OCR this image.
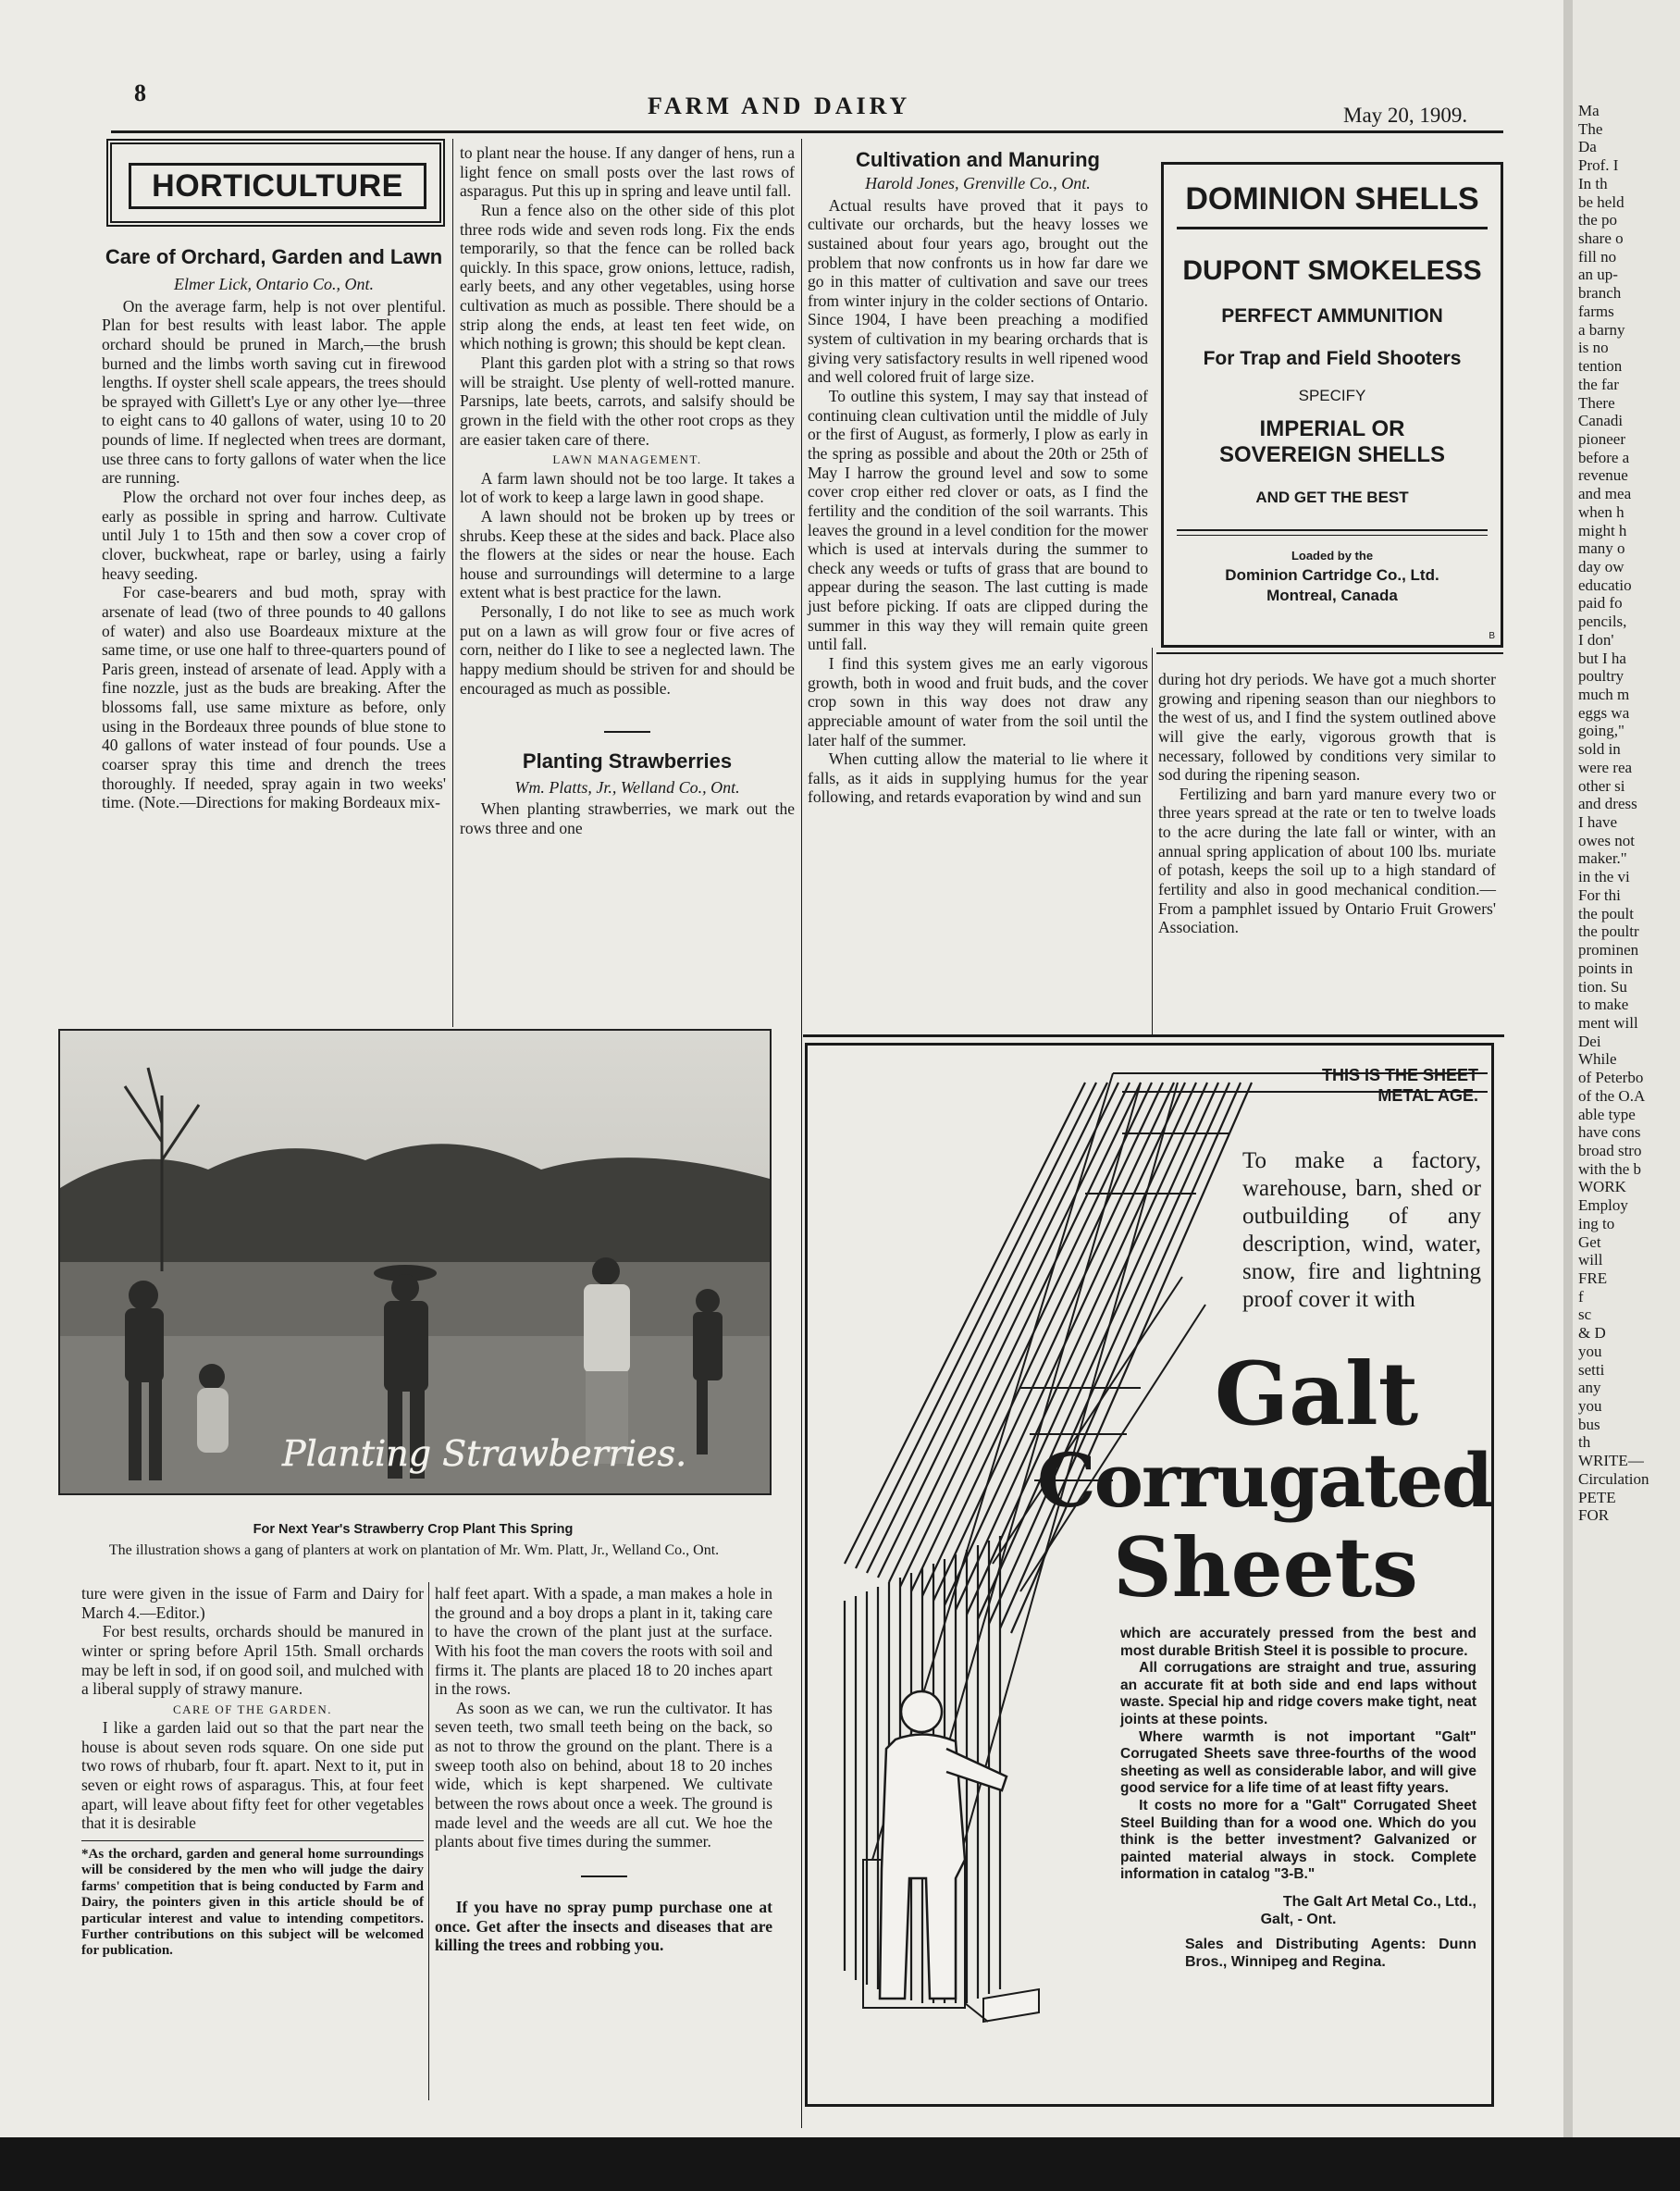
8	FARM AND DAIRY	May 20, 1909.
HORTICULTURE
Care of Orchard, Garden and Lawn
Elmer Lick, Ontario Co., Ont.

On the average farm, help is not over plentiful. Plan for best results with least labor. The apple orchard should be pruned in March,—the brush burned and the limbs worth saving cut in firewood lengths. If oyster shell scale appears, the trees should be sprayed with Gillett's Lye or any other lye—three to eight cans to 40 gallons of water, using 10 to 20 pounds of lime. If neglected when trees are dormant, use three cans to forty gallons of water when the lice are running.

Plow the orchard not over four inches deep, as early as possible in spring and harrow. Cultivate until July 1 to 15th and then sow a cover crop of clover, buckwheat, rape or barley, using a fairly heavy seeding.

For case-bearers and bud moth, spray with arsenate of lead (two of three pounds to 40 gallons of water) and also use Boardeaux mixture at the same time, or use one half to three-quarters pound of Paris green, instead of arsenate of lead. Apply with a fine nozzle, just as the buds are breaking. After the blossoms fall, use same mixture as before, only using in the Bordeaux three pounds of blue stone to 40 gallons of water instead of four pounds. Use a coarser spray this time and drench the trees thoroughly. If needed, spray again in two weeks' time. (Note.—Directions for making Bordeaux mix-

to plant near the house. If any danger of hens, run a light fence on small posts over the last rows of asparagus. Put this up in spring and leave until fall.

Run a fence also on the other side of this plot three rods wide and seven rods long. Fix the ends temporarily, so that the fence can be rolled back quickly. In this space, grow onions, lettuce, radish, early beets, and any other vegetables, using horse cultivation as much as possible. There should be a strip along the ends, at least ten feet wide, on which nothing is grown; this should be kept clean.

Plant this garden plot with a string so that rows will be straight. Use plenty of well-rotted manure. Parsnips, late beets, carrots, and salsify should be grown in the field with the other root crops as they are easier taken care of there.

LAWN MANAGEMENT.

A farm lawn should not be too large. It takes a lot of work to keep a large lawn in good shape.

A lawn should not be broken up by trees or shrubs. Keep these at the sides and back. Place also the flowers at the sides or near the house. Each house and surroundings will determine to a large extent what is best practice for the lawn.

Personally, I do not like to see as much work put on a lawn as will grow four or five acres of corn, neither do I like to see a neglected lawn. The happy medium should be striven for and should be encouraged as much as possible.

Planting Strawberries
Wm. Platts, Jr., Welland Co., Ont.

When planting strawberries, we mark out the rows three and one

Cultivation and Manuring
Harold Jones, Grenville Co., Ont.

Actual results have proved that it pays to cultivate our orchards, but the heavy losses we sustained about four years ago, brought out the problem that now confronts us in how far dare we go in this matter of cultivation and save our trees from winter injury in the colder sections of Ontario. Since 1904, I have been preaching a modified system of cultivation in my bearing orchards that is giving very satisfactory results in well ripened wood and well colored fruit of large size.

To outline this system, I may say that instead of continuing clean cultivation until the middle of July or the first of August, as formerly, I plow as early in the spring as possible and about the 20th or 25th of May I harrow the ground level and sow to some cover crop either red clover or oats, as I find the fertility and the condition of the soil warrants. This leaves the ground in a level condition for the mower which is used at intervals during the summer to check any weeds or tufts of grass that are bound to appear during the season. The last cutting is made just before picking. If oats are clipped during the summer in this way they will remain quite green until fall.

I find this system gives me an early vigorous growth, both in wood and fruit buds, and the cover crop sown in this way does not draw any appreciable amount of water from the soil until the later half of the summer.

When cutting allow the material to lie where it falls, as it aids in supplying humus for the year following, and retards evaporation by wind and sun

DOMINION SHELLS
DUPONT SMOKELESS
PERFECT AMMUNITION
For Trap and Field Shooters
SPECIFY
IMPERIAL OR SOVEREIGN SHELLS
AND GET THE BEST
Loaded by the
Dominion Cartridge Co., Ltd.
Montreal, Canada
B

during hot dry periods. We have got a much shorter growing and ripening season than our nieghbors to the west of us, and I find the system outlined above will give the early, vigorous growth that is necessary, followed by conditions very similar to sod during the ripening season.

Fertilizing and barn yard manure every two or three years spread at the rate or ten to twelve loads to the acre during the late fall or winter, with an annual spring application of about 100 lbs. muriate of potash, keeps the soil up to a high standard of fertility and also in good mechanical condition.—From a pamphlet issued by Ontario Fruit Growers' Association.

Planting Strawberries.
For Next Year's Strawberry Crop Plant This Spring
The illustration shows a gang of planters at work on plantation of Mr. Wm. Platt, Jr., Welland Co., Ont.

ture were given in the issue of Farm and Dairy for March 4.—Editor.)

For best results, orchards should be manured in winter or spring before April 15th. Small orchards may be left in sod, if on good soil, and mulched with a liberal supply of strawy manure.

CARE OF THE GARDEN.

I like a garden laid out so that the part near the house is about seven rods square. On one side put two rows of rhubarb, four ft. apart. Next to it, put in seven or eight rows of asparagus. This, at four feet apart, will leave about fifty feet for other vegetables that it is desirable

*As the orchard, garden and general home surroundings will be considered by the men who will judge the dairy farms' competition that is being conducted by Farm and Dairy, the pointers given in this article should be of particular interest and value to intending competitors. Further contributions on this subject will be welcomed for publication.

half feet apart. With a spade, a man makes a hole in the ground and a boy drops a plant in it, taking care to have the crown of the plant just at the surface. With his foot the man covers the roots with soil and firms it. The plants are placed 18 to 20 inches apart in the rows.

As soon as we can, we run the cultivator. It has seven teeth, two small teeth being on the back, so as not to throw the ground on the plant. There is a sweep tooth also on behind, about 18 to 20 inches wide, which is kept sharpened. We cultivate between the rows about once a week. The ground is made level and the weeds are all cut. We hoe the plants about five times during the summer.

If you have no spray pump purchase one at once. Get after the insects and diseases that are killing the trees and robbing you.

THIS IS THE SHEET METAL AGE.
To make a factory, warehouse, barn, shed or outbuilding of any description, wind, water, snow, fire and lightning proof cover it with
Galt
Corrugated
Sheets

which are accurately pressed from the best and most durable British Steel it is possible to procure.

All corrugations are straight and true, assuring an accurate fit at both side and end laps without waste. Special hip and ridge covers make tight, neat joints at these points.

Where warmth is not important "Galt" Corrugated Sheets save three-fourths of the wood sheeting as well as considerable labor, and will give good service for a life time of at least fifty years.

It costs no more for a "Galt" Corrugated Sheet Steel Building than for a wood one. Which do you think is the better investment? Galvanized or painted material always in stock. Complete information in catalog "3-B."

The Galt Art Metal Co., Ltd.,

Galt, - Ont.

Sales and Distributing Agents: Dunn Bros., Winnipeg and Regina.

Ma
The
Da
Prof. I
In th
be held
the po
share o
fill no
an up-
branch
farms
a barny
is no
tention
the far
There
Canadi
pioneer
before a
revenue
and mea
when h
might h
many o
day ow
educatio
paid fo
pencils,
I don'
but I ha
poultry
much m
eggs wa
going,"
sold in
were rea
other si
and dress
I have
owes not
maker."
in the vi
For thi
the poult
the poultr
prominen
points in
tion. Su
to make
ment will
Dei
While
of Peterbo
of the O.A
able type
have cons
broad stro
with the b
WORK
Employ
ing to
Get
will
FRE
f
sc
& D
you
setti
any
you
bus
th
WRITE—
Circulation
PETE
FOR
